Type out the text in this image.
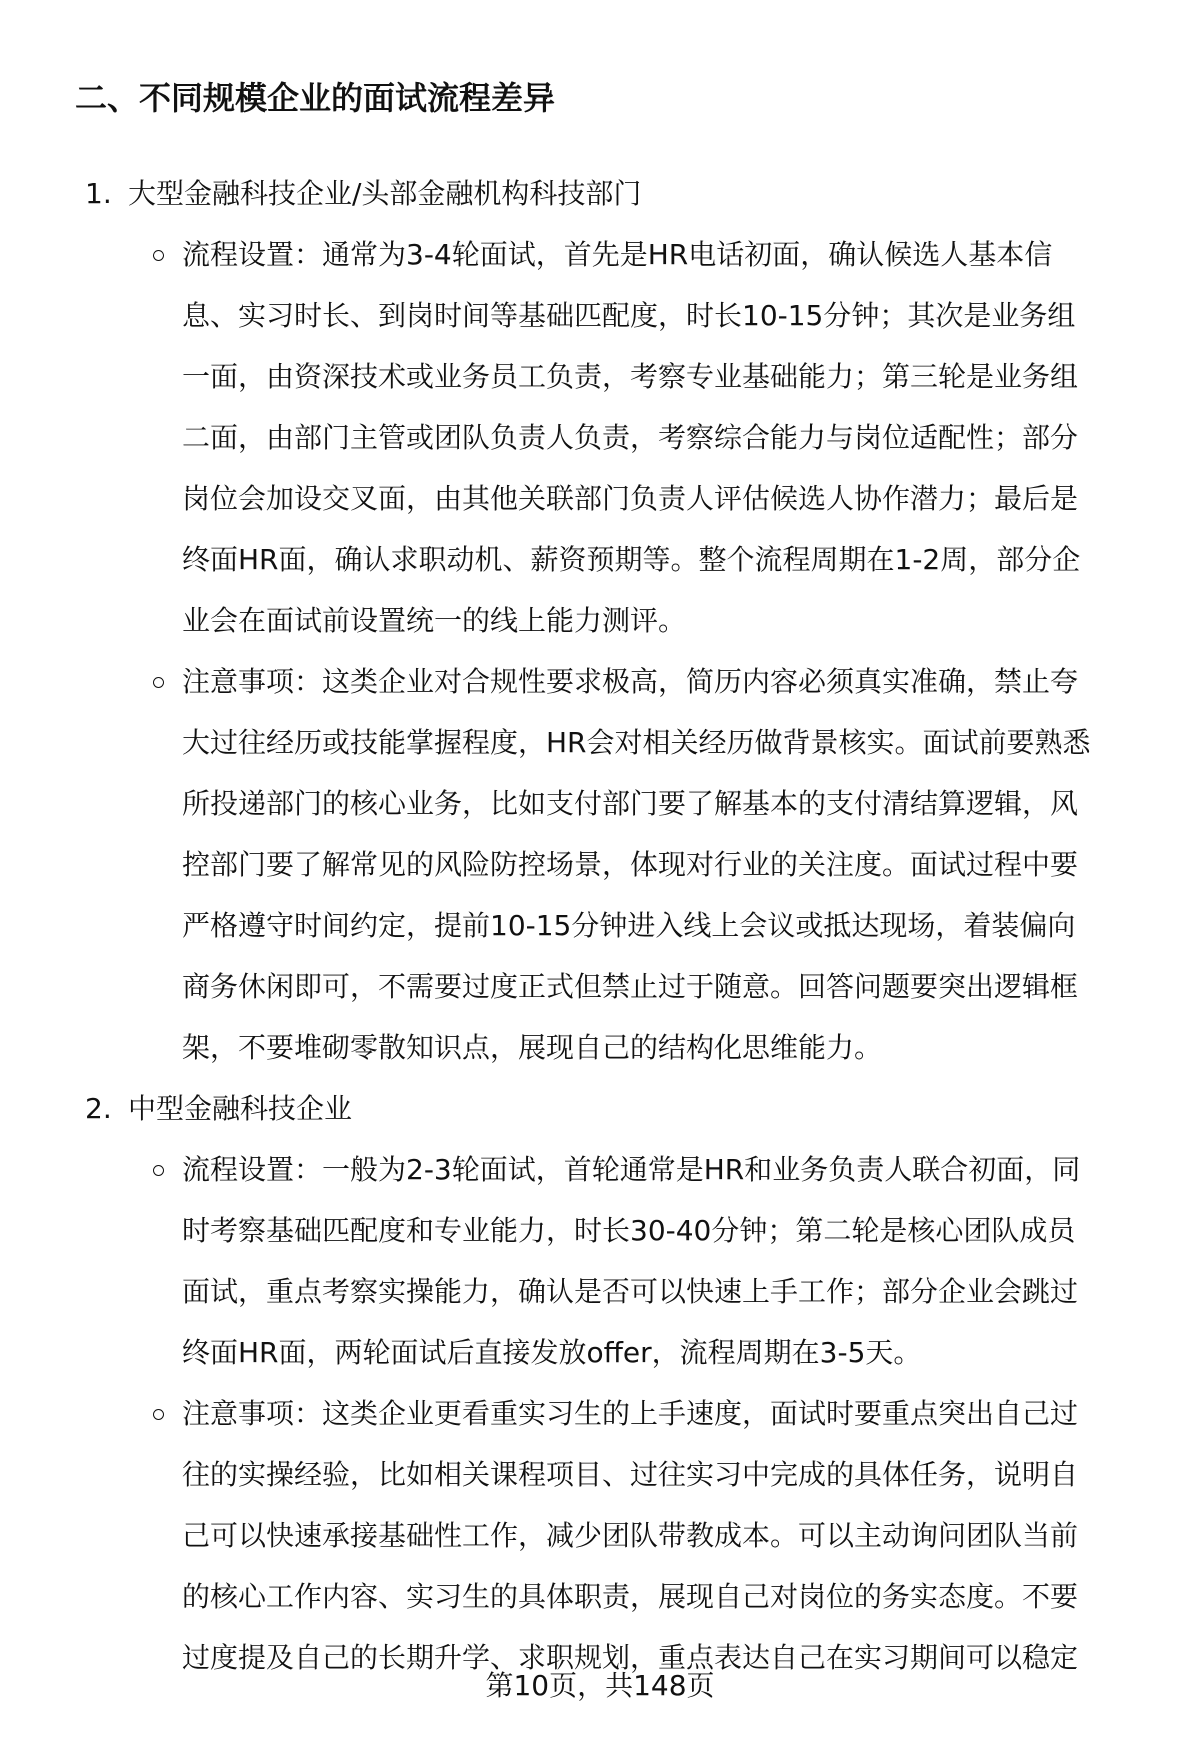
二、不同规模企业的面试流程差异
1. 大型金融科技企业/头部金融机构科技部门
流程设置：通常为3-4轮面试，首先是HR电话初面，确认候选人基本信
息、实习时长、到岗时间等基础匹配度，时长10-15分钟；其次是业务组
一面，由资深技术或业务员工负责，考察专业基础能力；第三轮是业务组
二面，由部门主管或团队负责人负责，考察综合能力与岗位适配性；部分
岗位会加设交叉面，由其他关联部门负责人评估候选人协作潜力；最后是
终面HR面，确认求职动机、薪资预期等。整个流程周期在1-2周，部分企
业会在面试前设置统一的线上能力测评。
注意事项：这类企业对合规性要求极高，简历内容必须真实准确，禁止夸
大过往经历或技能掌握程度，HR会对相关经历做背景核实。面试前要熟悉
所投递部门的核心业务，比如支付部门要了解基本的支付清结算逻辑，风
控部门要了解常见的风险防控场景，体现对行业的关注度。面试过程中要
严格遵守时间约定，提前10-15分钟进入线上会议或抵达现场，着装偏向
商务休闲即可，不需要过度正式但禁止过于随意。回答问题要突出逻辑框
架，不要堆砌零散知识点，展现自己的结构化思维能力。
2. 中型金融科技企业
流程设置：一般为2-3轮面试，首轮通常是HR和业务负责人联合初面，同
时考察基础匹配度和专业能力，时长30-40分钟；第二轮是核心团队成员
面试，重点考察实操能力，确认是否可以快速上手工作；部分企业会跳过
终面HR面，两轮面试后直接发放offer，流程周期在3-5天。
注意事项：这类企业更看重实习生的上手速度，面试时要重点突出自己过
往的实操经验，比如相关课程项目、过往实习中完成的具体任务，说明自
己可以快速承接基础性工作，减少团队带教成本。可以主动询问团队当前
的核心工作内容、实习生的具体职责，展现自己对岗位的务实态度。不要
过度提及自己的长期升学、求职规划，重点表达自己在实习期间可以稳定
第10页，共148页
